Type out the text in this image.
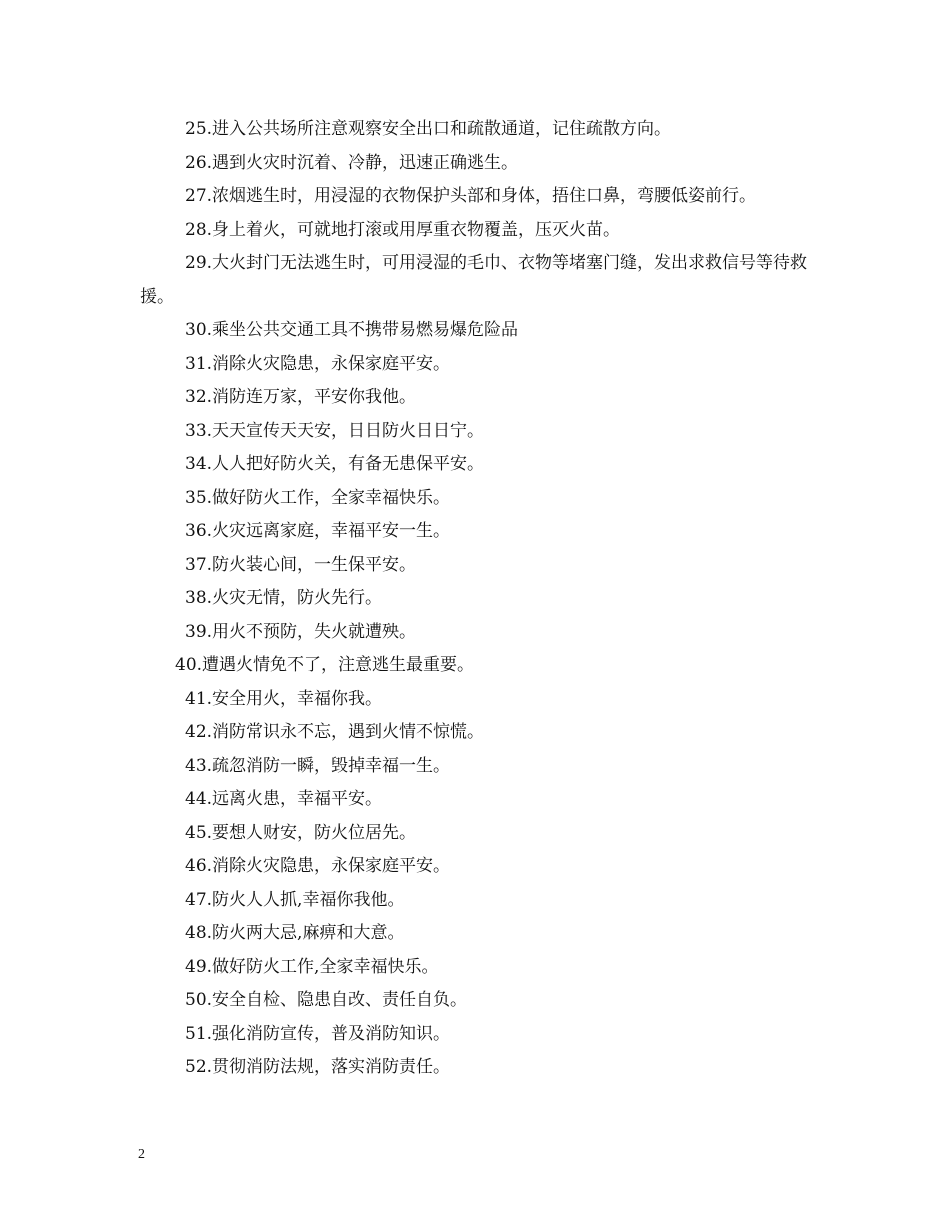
25.进入公共场所注意观察安全出口和疏散通道，记住疏散方向。
26.遇到火灾时沉着、冷静，迅速正确逃生。
27.浓烟逃生时，用浸湿的衣物保护头部和身体，捂住口鼻，弯腰低姿前行。
28.身上着火，可就地打滚或用厚重衣物覆盖，压灭火苗。
29.大火封门无法逃生时，可用浸湿的毛巾、衣物等堵塞门缝，发出求救信号等待救援。
30.乘坐公共交通工具不携带易燃易爆危险品
31.消除火灾隐患，永保家庭平安。
32.消防连万家，平安你我他。
33.天天宣传天天安，日日防火日日宁。
34.人人把好防火关，有备无患保平安。
35.做好防火工作，全家幸福快乐。
36.火灾远离家庭，幸福平安一生。
37.防火装心间，一生保平安。
38.火灾无情，防火先行。
39.用火不预防，失火就遭殃。
40.遭遇火情免不了，注意逃生最重要。
41.安全用火，幸福你我。
42.消防常识永不忘，遇到火情不惊慌。
43.疏忽消防一瞬，毁掉幸福一生。
44.远离火患，幸福平安。
45.要想人财安，防火位居先。
46.消除火灾隐患，永保家庭平安。
47.防火人人抓,幸福你我他。
48.防火两大忌,麻痹和大意。
49.做好防火工作,全家幸福快乐。
50.安全自检、隐患自改、责任自负。
51.强化消防宣传，普及消防知识。
52.贯彻消防法规，落实消防责任。
2
